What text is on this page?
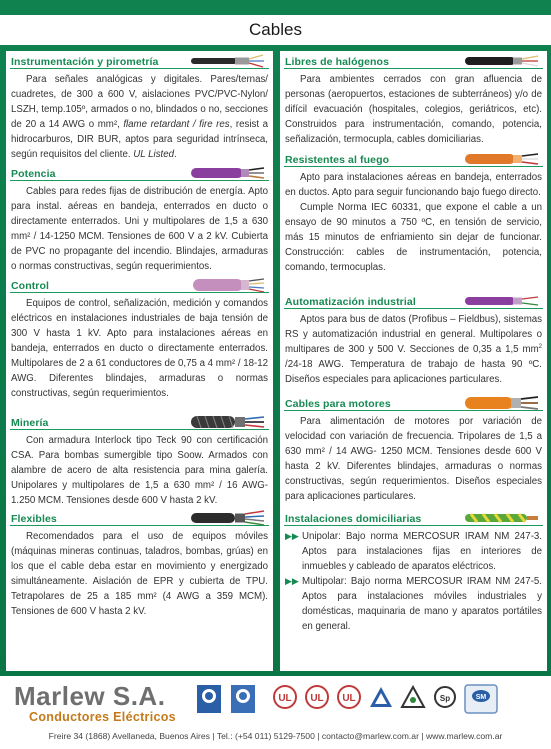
Cables
Instrumentación y pirometría
Para señales analógicas y digitales. Pares/ternas/ cuadretes, de 300 a 600 V, aislaciones PVC/PVC-Nylon/ LSZH, temp.105º, armados o no, blindados o no, secciones de 20 a 14 AWG o mm², flame retardant / fire res, resist a hidrocarburos, DIR BUR, aptos para seguridad intrínseca, según requisitos del cliente. UL Listed.
Potencia
Cables para redes fijas de distribución de energía. Apto para instal. aéreas en bandeja, enterrados en ducto o directamente enterrados. Uni y multipolares de 1,5 a 630 mm² / 14-1250 MCM. Tensiones de 600 V a 2 kV. Cubierta de PVC no propagante del incendio. Blindajes, armaduras o normas constructivas, según requerimientos.
Control
Equipos de control, señalización, medición y comandos eléctricos en instalaciones industriales de baja tensión de 300 V hasta 1 kV. Apto para instalaciones aéreas en bandeja, enterrados en ducto o directamente enterrados. Multipolares de 2 a 61 conductores de 0,75 a 4 mm² / 18-12 AWG. Diferentes blindajes, armaduras o normas constructivas, según requerimientos.
Minería
Con armadura Interlock tipo Teck 90 con certificación CSA. Para bombas sumergible tipo Soow. Armados con alambre de acero de alta resistencia para mina galería. Unipolares y multipolares de 1,5 a 630 mm² / 16 AWG-1.250 MCM. Tensiones desde 600 V hasta 2 kV.
Flexibles
Recomendados para el uso de equipos móviles (máquinas mineras continuas, taladros, bombas, grúas) en los que el cable deba estar en movimiento y energizado simultáneamente. Aislación de EPR y cubierta de TPU. Tetrapolares de 25 a 185 mm² (4 AWG a 359 MCM). Tensiones de 600 V hasta 2 kV.
Libres de halógenos
Para ambientes cerrados con gran afluencia de personas (aeropuertos, estaciones de subterráneos) y/o de difícil evacuación (hospitales, colegios, geriátricos, etc). Construidos para instrumentación, comando, potencia, señalización, termocupla, cables domiciliarias.
Resistentes al fuego
Apto para instalaciones aéreas en bandeja, enterrados en ductos. Apto para seguir funcionando bajo fuego directo.
Cumple Norma IEC 60331, que expone el cable a un ensayo de 90 minutos a 750 ºC, en tensión de servicio, más 15 minutos de enfriamiento sin dejar de funcionar. Construcción: cables de instrumentación, potencia, comando, termocuplas.
Automatización industrial
Aptos para bus de datos (Profibus – Fieldbus), sistemas RS y automatización industrial en general. Multipolares o multipares de 300 y 500 V. Secciones de 0,35 a 1,5 $mm^2$ /24-18 AWG. Temperatura de trabajo de hasta 90 ºC. Diseños especiales para aplicaciones particulares.
Cables para motores
Para alimentación de motores por variación de velocidad con variación de frecuencia. Tripolares de 1,5 a 630 mm² / 14 AWG- 1250 MCM. Tensiones desde 600 V hasta 2 kV. Diferentes blindajes, armaduras o normas constructivas, según requerimientos. Diseños especiales para aplicaciones particulares.
Instalaciones domiciliarias
▶▶ Unipolar: Bajo norma MERCOSUR IRAM NM 247-3. Aptos para instalaciones fijas en interiores de inmuebles y cableado de aparatos eléctricos.
▶▶ Multipolar: Bajo norma MERCOSUR IRAM NM 247-5. Aptos para instalaciones móviles industriales y domésticas, maquinaria de mano y aparatos portátiles en general.
Marlew S.A.
Conductores Eléctricos
UL UL UL	Sp	SM
Freire 34 (1868) Avellaneda, Buenos Aires | Tel.: (+54 011) 5129-7500 | contacto@marlew.com.ar | www.marlew.com.ar
